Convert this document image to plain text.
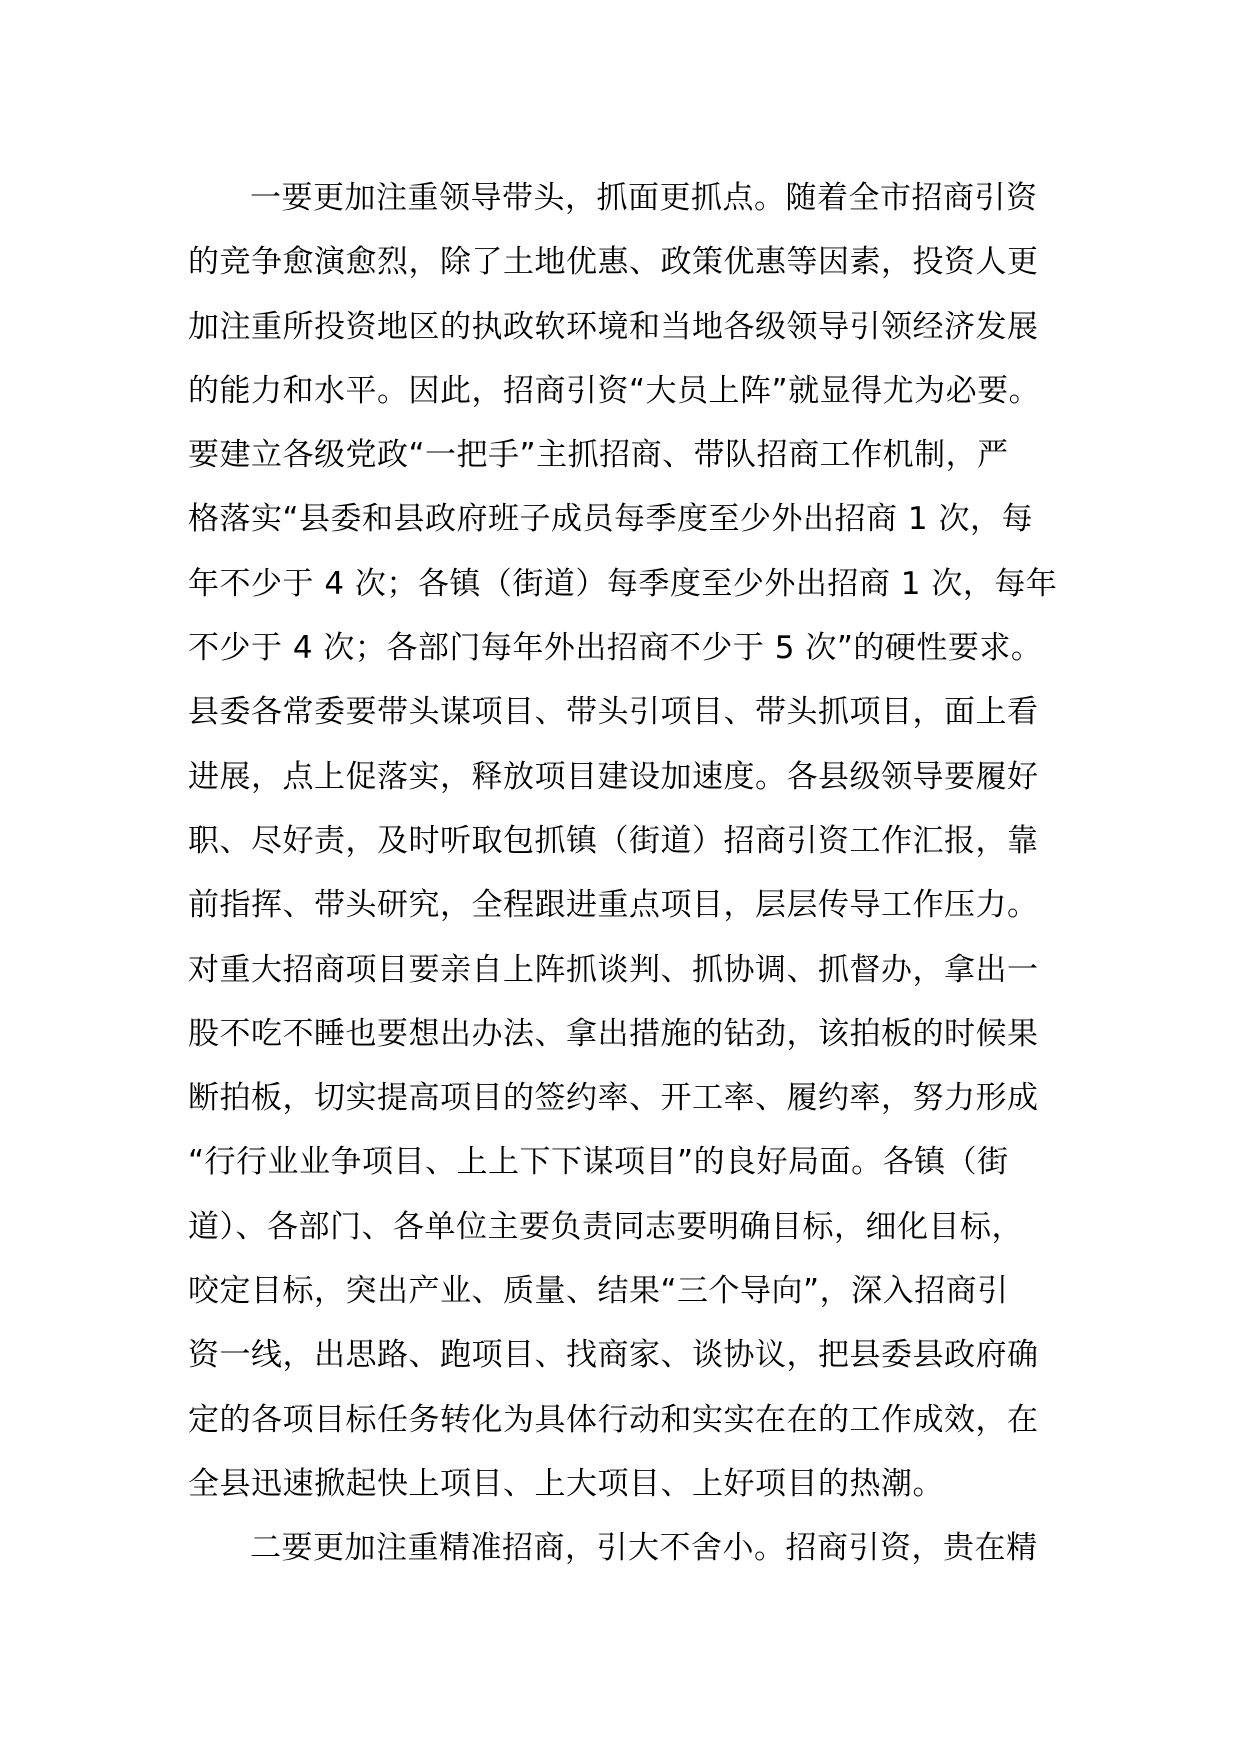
一要更加注重领导带头，抓面更抓点。随着全市招商引资
的竞争愈演愈烈，除了土地优惠、政策优惠等因素，投资人更
加注重所投资地区的执政软环境和当地各级领导引领经济发展
的能力和水平。因此，招商引资“大员上阵”就显得尤为必要。
要建立各级党政“一把手”主抓招商、带队招商工作机制，严
格落实“县委和县政府班子成员每季度至少外出招商 1 次，每
年不少于 4 次；各镇（街道）每季度至少外出招商 1 次，每年
不少于 4 次；各部门每年外出招商不少于 5 次”的硬性要求。
县委各常委要带头谋项目、带头引项目、带头抓项目，面上看
进展，点上促落实，释放项目建设加速度。各县级领导要履好
职、尽好责，及时听取包抓镇（街道）招商引资工作汇报，靠
前指挥、带头研究，全程跟进重点项目，层层传导工作压力。
对重大招商项目要亲自上阵抓谈判、抓协调、抓督办，拿出一
股不吃不睡也要想出办法、拿出措施的钻劲，该拍板的时候果
断拍板，切实提高项目的签约率、开工率、履约率，努力形成
“行行业业争项目、上上下下谋项目”的良好局面。各镇（街
道）、各部门、各单位主要负责同志要明确目标，细化目标，
咬定目标，突出产业、质量、结果“三个导向”，深入招商引
资一线，出思路、跑项目、找商家、谈协议，把县委县政府确
定的各项目标任务转化为具体行动和实实在在的工作成效，在
全县迅速掀起快上项目、上大项目、上好项目的热潮。
二要更加注重精准招商，引大不舍小。招商引资，贵在精
